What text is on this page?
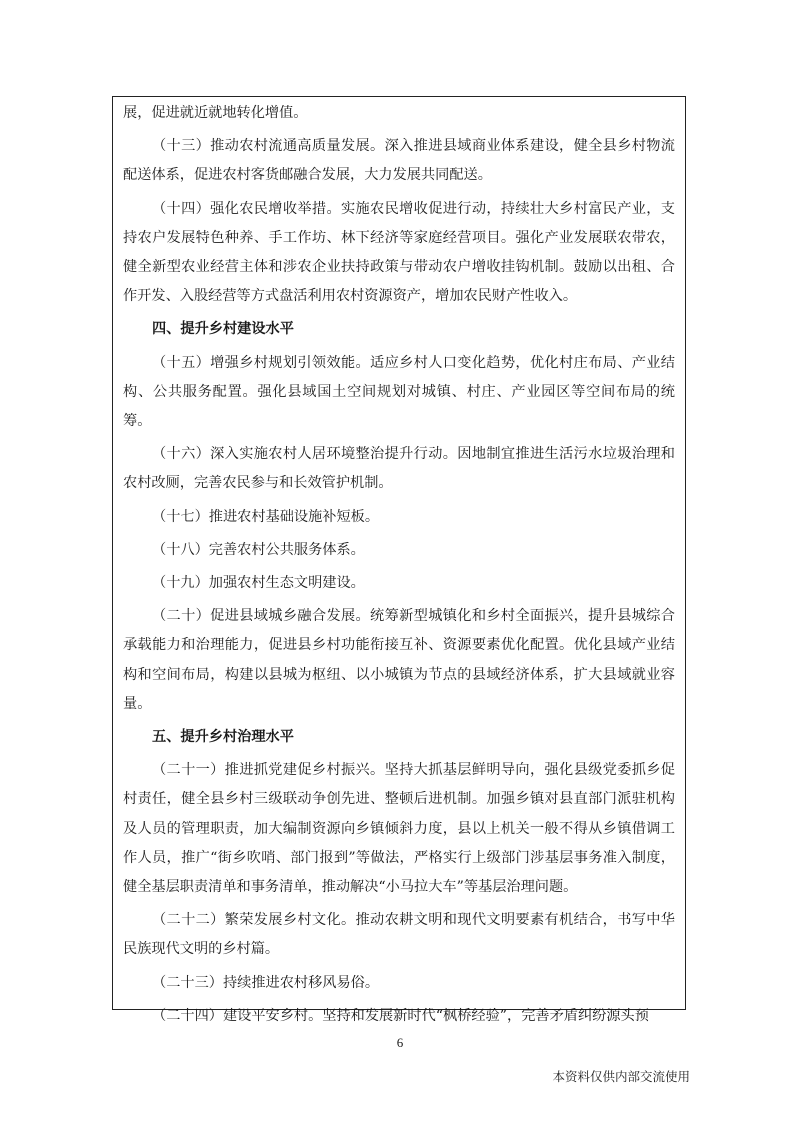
展，促进就近就地转化增值。

（十三）推动农村流通高质量发展。深入推进县域商业体系建设，健全县乡村物流配送体系，促进农村客货邮融合发展，大力发展共同配送。

（十四）强化农民增收举措。实施农民增收促进行动，持续壮大乡村富民产业，支持农户发展特色种养、手工作坊、林下经济等家庭经营项目。强化产业发展联农带农，健全新型农业经营主体和涉农企业扶持政策与带动农户增收挂钩机制。鼓励以出租、合作开发、入股经营等方式盘活利用农村资源资产，增加农民财产性收入。

四、提升乡村建设水平

（十五）增强乡村规划引领效能。适应乡村人口变化趋势，优化村庄布局、产业结构、公共服务配置。强化县域国土空间规划对城镇、村庄、产业园区等空间布局的统筹。

（十六）深入实施农村人居环境整治提升行动。因地制宜推进生活污水垃圾治理和农村改厕，完善农民参与和长效管护机制。

（十七）推进农村基础设施补短板。

（十八）完善农村公共服务体系。

（十九）加强农村生态文明建设。

（二十）促进县域城乡融合发展。统筹新型城镇化和乡村全面振兴，提升县城综合承载能力和治理能力，促进县乡村功能衔接互补、资源要素优化配置。优化县域产业结构和空间布局，构建以县城为枢纽、以小城镇为节点的县域经济体系，扩大县域就业容量。

五、提升乡村治理水平

（二十一）推进抓党建促乡村振兴。坚持大抓基层鲜明导向，强化县级党委抓乡促村责任，健全县乡村三级联动争创先进、整顿后进机制。加强乡镇对县直部门派驻机构及人员的管理职责，加大编制资源向乡镇倾斜力度，县以上机关一般不得从乡镇借调工作人员，推广“街乡吹哨、部门报到”等做法，严格实行上级部门涉基层事务准入制度，健全基层职责清单和事务清单，推动解决“小马拉大车”等基层治理问题。

（二十二）繁荣发展乡村文化。推动农耕文明和现代文明要素有机结合，书写中华民族现代文明的乡村篇。

（二十三）持续推进农村移风易俗。

（二十四）建设平安乡村。坚持和发展新时代“枫桥经验”，完善矛盾纠纷源头预

6
本资料仅供内部交流使用
